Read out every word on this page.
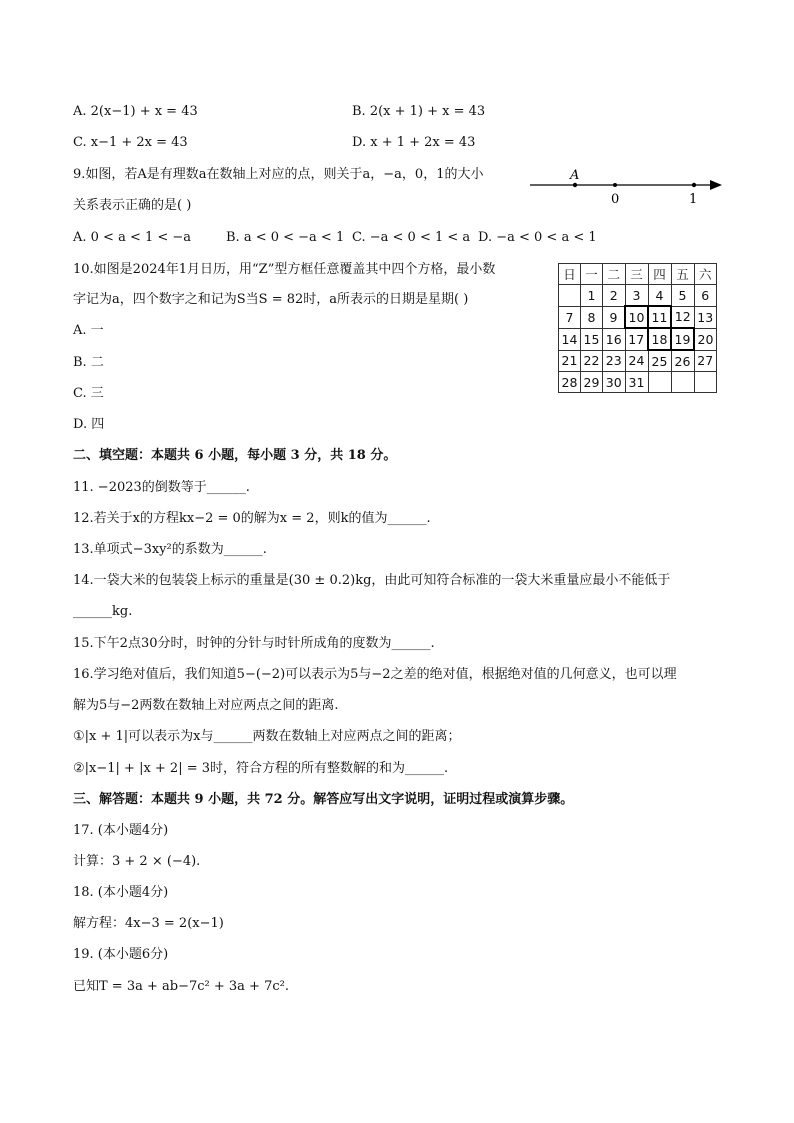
A. 2(x−1) + x = 43	B. 2(x + 1) + x = 43
C. x−1 + 2x = 43	D. x + 1 + 2x = 43
9.如图，若A是有理数a在数轴上对应的点，则关于a，−a，0，1的大小
关系表示正确的是( )
A
0	1
A. 0 < a < 1 < −a	B. a < 0 < −a < 1 C. −a < 0 < 1 < a D. −a < 0 < a < 1
10.如图是2024年1月日历，用“Z”型方框任意覆盖其中四个方格，最小数
字记为a，四个数字之和记为S当S = 82时，a所表示的日期是星期( )
A. 一
B. 二
C. 三
D. 四
日	一	二	三	四	五	六
	1	2	3	4	5	6
7	8	9	10	11	12	13
14	15	16	17	18	19	20
21	22	23	24	25	26	27
28	29	30	31			
二、填空题：本题共 6 小题，每小题 3 分，共 18 分。
11. −2023的倒数等于______.
12.若关于x的方程kx−2 = 0的解为x = 2，则k的值为______.
13.单项式−3xy²的系数为______.
14.一袋大米的包装袋上标示的重量是(30 ± 0.2)kg，由此可知符合标准的一袋大米重量应最小不能低于
______kg.
15.下午2点30分时，时钟的分针与时针所成角的度数为______.
16.学习绝对值后，我们知道5−(−2)可以表示为5与−2之差的绝对值，根据绝对值的几何意义，也可以理
解为5与−2两数在数轴上对应两点之间的距离.
①|x + 1|可以表示为x与______两数在数轴上对应两点之间的距离；
②|x−1| + |x + 2| = 3时，符合方程的所有整数解的和为______.
三、解答题：本题共 9 小题，共 72 分。解答应写出文字说明，证明过程或演算步骤。
17. (本小题4分)
计算：3 + 2 × (−4).
18. (本小题4分)
解方程：4x−3 = 2(x−1)
19. (本小题6分)
已知T = 3a + ab−7c² + 3a + 7c².
